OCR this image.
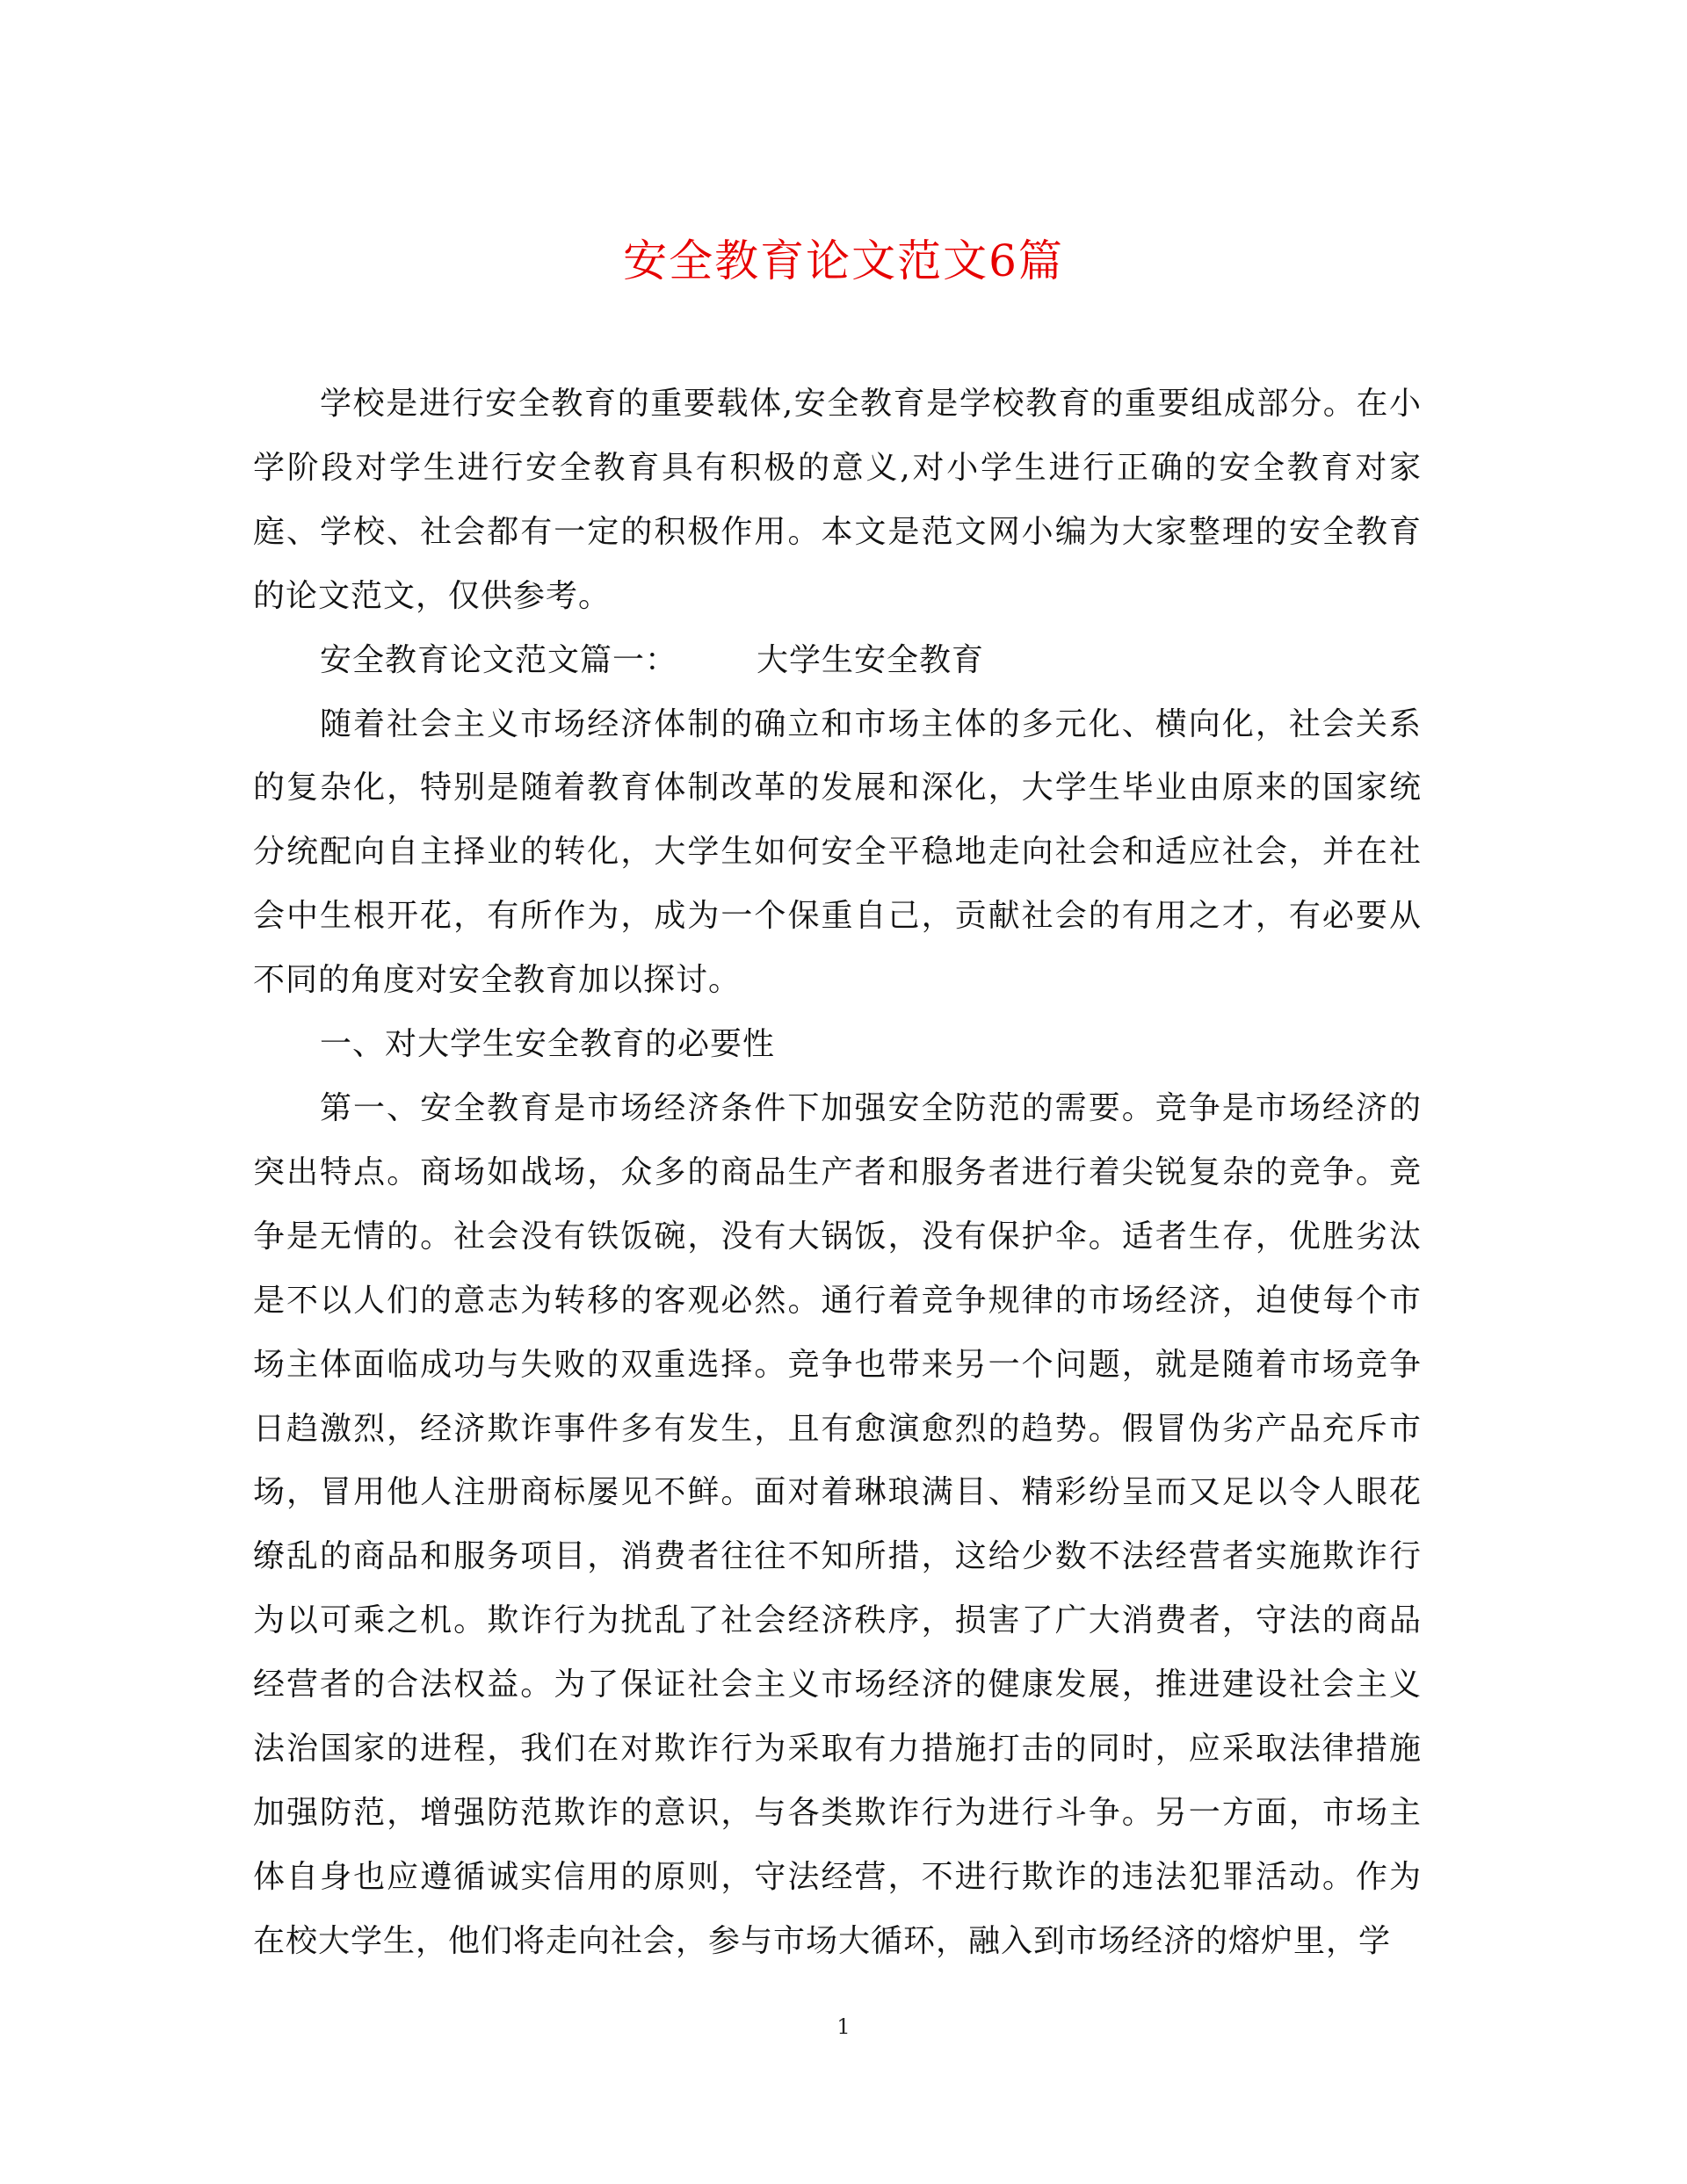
安全教育论文范文6篇

学校是进行安全教育的重要载体,安全教育是学校教育的重要组成部分。在小学阶段对学生进行安全教育具有积极的意义,对小学生进行正确的安全教育对家庭、学校、社会都有一定的积极作用。本文是范文网小编为大家整理的安全教育的论文范文，仅供参考。

安全教育论文范文篇一：	大学生安全教育

随着社会主义市场经济体制的确立和市场主体的多元化、横向化，社会关系的复杂化，特别是随着教育体制改革的发展和深化，大学生毕业由原来的国家统分统配向自主择业的转化，大学生如何安全平稳地走向社会和适应社会，并在社会中生根开花，有所作为，成为一个保重自己，贡献社会的有用之才，有必要从不同的角度对安全教育加以探讨。

一、对大学生安全教育的必要性

第一、安全教育是市场经济条件下加强安全防范的需要。竞争是市场经济的突出特点。商场如战场，众多的商品生产者和服务者进行着尖锐复杂的竞争。竞争是无情的。社会没有铁饭碗，没有大锅饭，没有保护伞。适者生存，优胜劣汰是不以人们的意志为转移的客观必然。通行着竞争规律的市场经济，迫使每个市场主体面临成功与失败的双重选择。竞争也带来另一个问题，就是随着市场竞争日趋激烈，经济欺诈事件多有发生，且有愈演愈烈的趋势。假冒伪劣产品充斥市场，冒用他人注册商标屡见不鲜。面对着琳琅满目、精彩纷呈而又足以令人眼花缭乱的商品和服务项目，消费者往往不知所措，这给少数不法经营者实施欺诈行为以可乘之机。欺诈行为扰乱了社会经济秩序，损害了广大消费者，守法的商品经营者的合法权益。为了保证社会主义市场经济的健康发展，推进建设社会主义法治国家的进程，我们在对欺诈行为采取有力措施打击的同时，应采取法律措施加强防范，增强防范欺诈的意识，与各类欺诈行为进行斗争。另一方面，市场主体自身也应遵循诚实信用的原则，守法经营，不进行欺诈的违法犯罪活动。作为在校大学生，他们将走向社会，参与市场大循环，融入到市场经济的熔炉里，学

1
